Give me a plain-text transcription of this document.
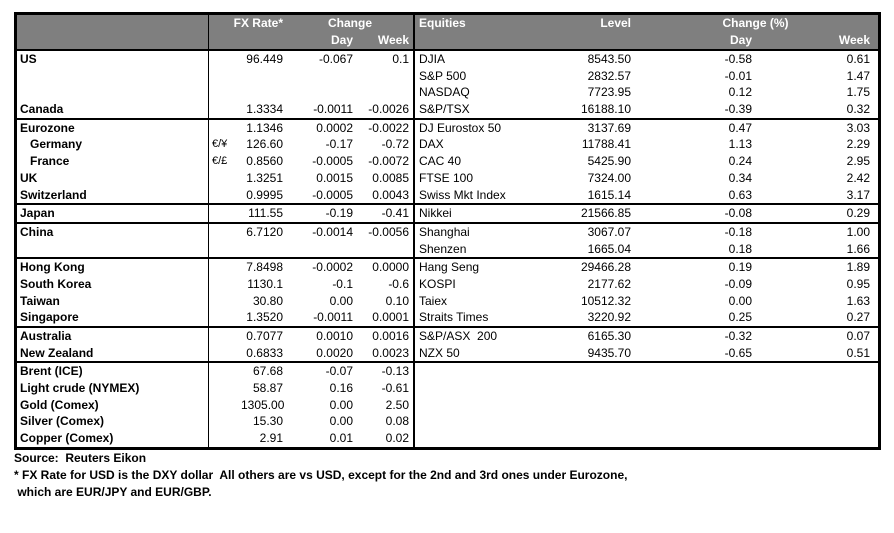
FX Rate*	Change	Equities	Level	Change (%)
Day	Week	Day	Week
US	96.449	-0.067	0.1 DJIA	8543.50	-0.58	0.61
S&P 500	2832.57	-0.01	1.47
NASDAQ	7723.95	0.12	1.75
Canada	1.3334	-0.0011	-0.0026 S&P/TSX	16188.10	-0.39	0.32
Eurozone	1.1346	0.0002	-0.0022 DJ Eurostox 50	3137.69	0.47	3.03
Germany	€/¥	126.60	-0.17	-0.72 DAX	11788.41	1.13	2.29
France	€/£	0.8560	-0.0005	-0.0072 CAC 40	5425.90	0.24	2.95
UK	1.3251	0.0015	0.0085 FTSE 100	7324.00	0.34	2.42
Switzerland	0.9995	-0.0005	0.0043 Swiss Mkt Index	1615.14	0.63	3.17
Japan	111.55	-0.19	-0.41 Nikkei	21566.85	-0.08	0.29
China	6.7120	-0.0014	-0.0056 Shanghai	3067.07	-0.18	1.00
Shenzen	1665.04	0.18	1.66
Hong Kong	7.8498	-0.0002	0.0000 Hang Seng	29466.28	0.19	1.89
South Korea	1130.1	-0.1	-0.6 KOSPI	2177.62	-0.09	0.95
Taiwan	30.80	0.00	0.10 Taiex	10512.32	0.00	1.63
Singapore	1.3520	-0.0011	0.0001 Straits Times	3220.92	0.25	0.27
Australia	0.7077	0.0010	0.0016 S&P/ASX  200	6165.30	-0.32	0.07
New Zealand	0.6833	0.0020	0.0023 NZX 50	9435.70	-0.65	0.51
Brent (ICE)	67.68	-0.07	-0.13
Light crude (NYMEX)	58.87	0.16	-0.61
Gold (Comex)	1305.00	0.00	2.50
Silver (Comex)	15.30	0.00	0.08
Copper (Comex)	2.91	0.01	0.02
Source:  Reuters Eikon
* FX Rate for USD is the DXY dollar  All others are vs USD, except for the 2nd and 3rd ones under Eurozone,
which are EUR/JPY and EUR/GBP.
